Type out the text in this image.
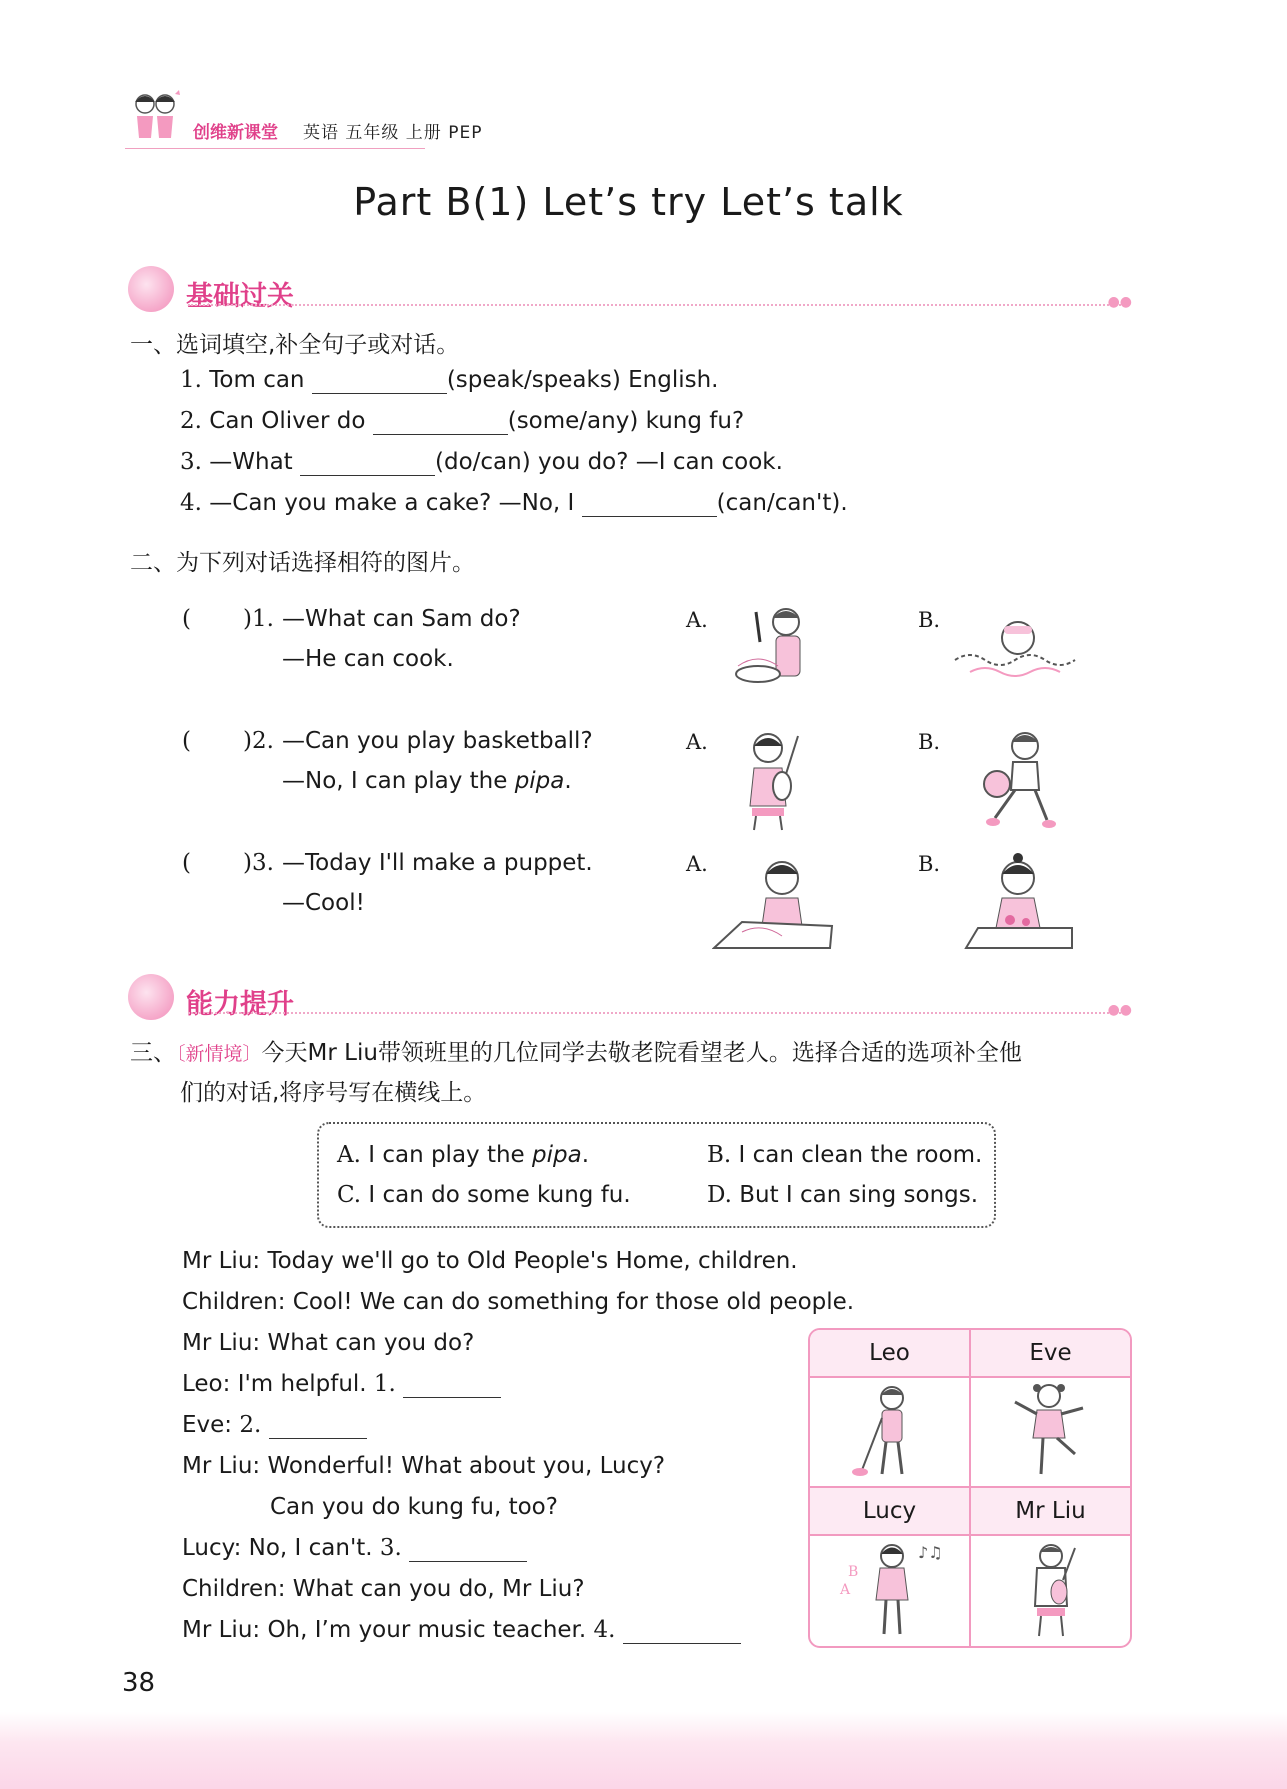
创维新课堂 英语 五年级 上册 PEP
Part B(1) Let’s try Let’s talk
基础过关	●●
一、选词填空,补全句子或对话。
1. Tom can	(speak/speaks) English.
2. Can Oliver do	(some/any) kung fu?
3. —What	(do/can) you do? —I can cook.
4. —Can you make a cake? —No, I	(can/can't).
二、为下列对话选择相符的图片。
( )1. —What can Sam do?
—He can cook.
A.	B.
( )2. —Can you play basketball?
—No, I can play the pipa.
A.	B.
( )3. —Today I'll make a puppet.
—Cool!
A.	B.
能力提升	●●
三、〔新情境〕今天Mr Liu带领班里的几位同学去敬老院看望老人。选择合适的选项补全他
们的对话,将序号写在横线上。
A. I can play the pipa.	B. I can clean the room.
C. I can do some kung fu.	D. But I can sing songs.
Mr Liu: Today we'll go to Old People's Home, children.
Children: Cool! We can do something for those old people.
Mr Liu: What can you do?
Leo: I'm helpful. 1.
Eve: 2.
Mr Liu: Wonderful! What about you, Lucy?
Can you do kung fu, too?
Lucy: No, I can't. 3.
Children: What can you do, Mr Liu?
Mr Liu: Oh, I’m your music teacher. 4.
Leo	Eve
Lucy	Mr Liu
B
A
♪♫
38
